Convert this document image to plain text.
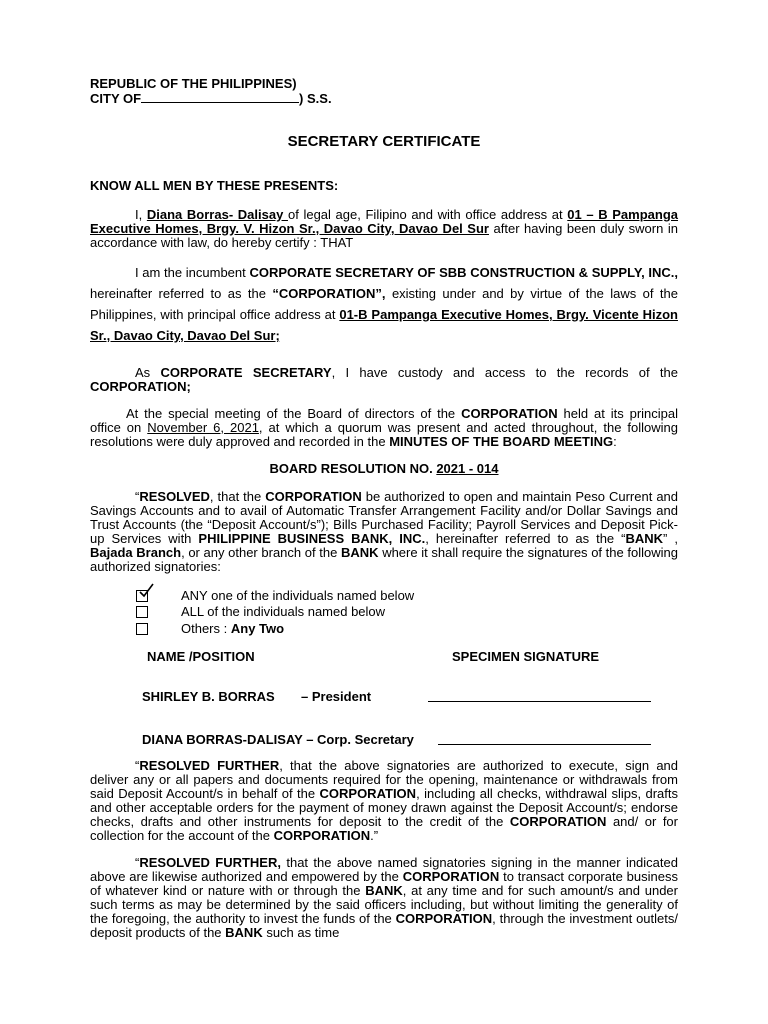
REPUBLIC OF THE PHILIPPINES)
CITY OF	) S.S.
SECRETARY CERTIFICATE
KNOW ALL MEN BY THESE PRESENTS:
I, Diana Borras- Dalisay of legal age, Filipino and with office address at 01 – B Pampanga Executive Homes, Brgy. V. Hizon Sr., Davao City, Davao Del Sur after having been duly sworn in accordance with law, do hereby certify : THAT
I am the incumbent CORPORATE SECRETARY OF SBB CONSTRUCTION & SUPPLY, INC., hereinafter referred to as the “CORPORATION”, existing under and by virtue of the laws of the Philippines, with principal office address at 01-B Pampanga Executive Homes, Brgy. Vicente Hizon Sr., Davao City, Davao Del Sur;
As CORPORATE SECRETARY, I have custody and access to the records of the CORPORATION;
At the special meeting of the Board of directors of the CORPORATION held at its principal office on November 6, 2021, at which a quorum was present and acted throughout, the following resolutions were duly approved and recorded in the MINUTES OF THE BOARD MEETING:
BOARD RESOLUTION NO. 2021 - 014
“RESOLVED, that the CORPORATION be authorized to open and maintain Peso Current and Savings Accounts and to avail of Automatic Transfer Arrangement Facility and/or Dollar Savings and Trust Accounts (the “Deposit Account/s”); Bills Purchased Facility; Payroll Services and Deposit Pick-up Services with PHILIPPINE BUSINESS BANK, INC., hereinafter referred to as the “BANK” , Bajada Branch, or any other branch of the BANK where it shall require the signatures of the following authorized signatories:
ANY one of the individuals named below
ALL of the individuals named below
Others : Any Two
NAME /POSITION	SPECIMEN SIGNATURE
SHIRLEY B. BORRAS – President
DIANA BORRAS-DALISAY – Corp. Secretary
“RESOLVED FURTHER, that the above signatories are authorized to execute, sign and deliver any or all papers and documents required for the opening, maintenance or withdrawals from said Deposit Account/s in behalf of the CORPORATION, including all checks, withdrawal slips, drafts and other acceptable orders for the payment of money drawn against the Deposit Account/s; endorse checks, drafts and other instruments for deposit to the credit of the CORPORATION and/ or for collection for the account of the CORPORATION.”
“RESOLVED FURTHER, that the above named signatories signing in the manner indicated above are likewise authorized and empowered by the CORPORATION to transact corporate business of whatever kind or nature with or through the BANK, at any time and for such amount/s and under such terms as may be determined by the said officers including, but without limiting the generality of the foregoing, the authority to invest the funds of the CORPORATION, through the investment outlets/ deposit products of the BANK such as time
